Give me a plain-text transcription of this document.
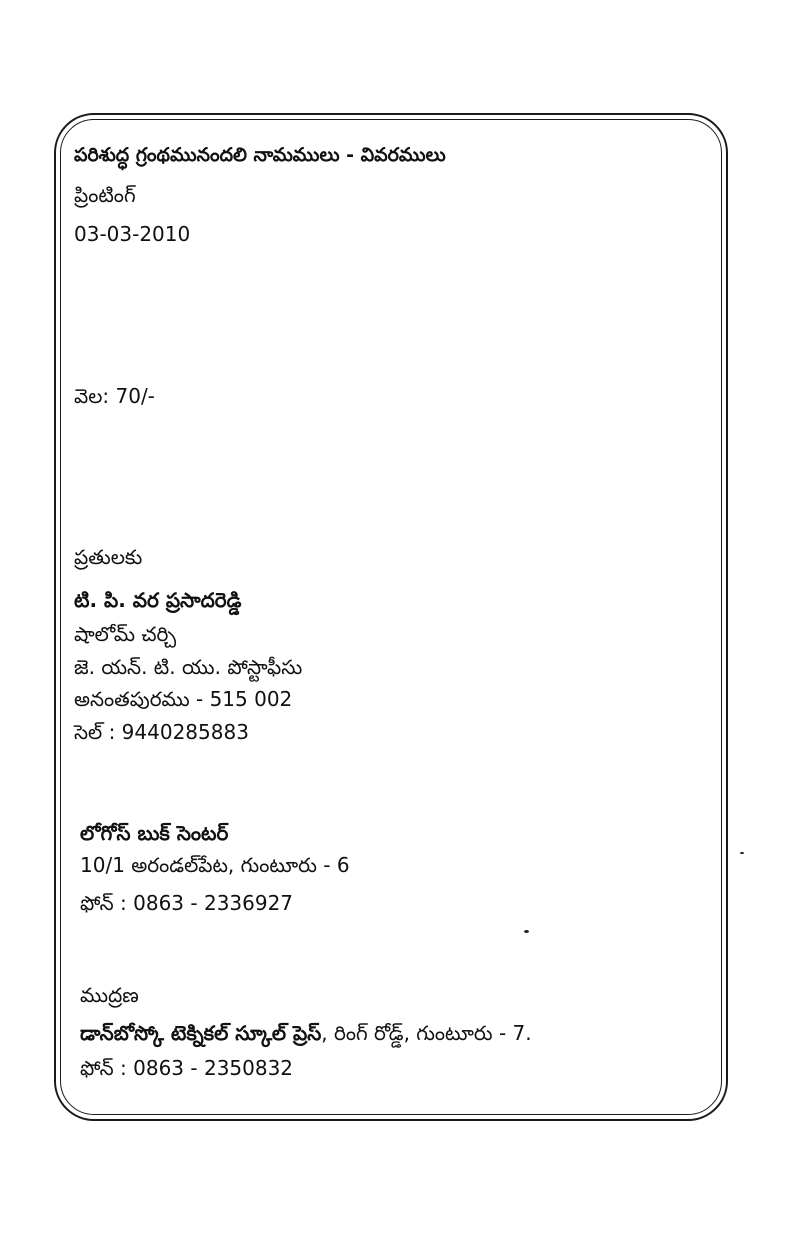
పరిశుద్ధ గ్రంథమునందలి నామములు - వివరములు
ప్రింటింగ్
03-03-2010
వెల: 70/-
ప్రతులకు
టి. పి. వర ప్రసాదరెడ్డి
షాలోమ్ చర్చి
జె. యన్. టి. యు. పోస్టాఫీసు
అనంతపురము - 515 002
సెల్ : 9440285883
లోగోస్ బుక్ సెంటర్
10/1 అరండల్‌పేట, గుంటూరు - 6
ఫోన్ : 0863 - 2336927
ముద్రణ
డాన్‌బోస్కో టెక్నికల్ స్కూల్ ప్రెస్, రింగ్ రోడ్డ్, గుంటూరు - 7.
ఫోన్ : 0863 - 2350832
